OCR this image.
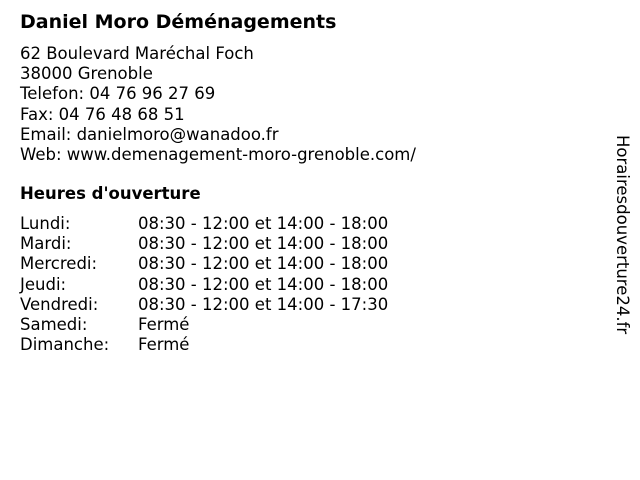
Daniel Moro Déménagements
62 Boulevard Maréchal Foch
38000 Grenoble
Telefon: 04 76 96 27 69
Fax: 04 76 48 68 51
Email: danielmoro@wanadoo.fr
Web: www.demenagement-moro-grenoble.com/
Heures d'ouverture
Lundi:	08:30 - 12:00 et 14:00 - 18:00
Mardi:	08:30 - 12:00 et 14:00 - 18:00
Mercredi: 08:30 - 12:00 et 14:00 - 18:00
Jeudi:	08:30 - 12:00 et 14:00 - 18:00
Vendredi: 08:30 - 12:00 et 14:00 - 17:30
Samedi:	Fermé
Dimanche: Fermé
Horairesdouverture24.fr
